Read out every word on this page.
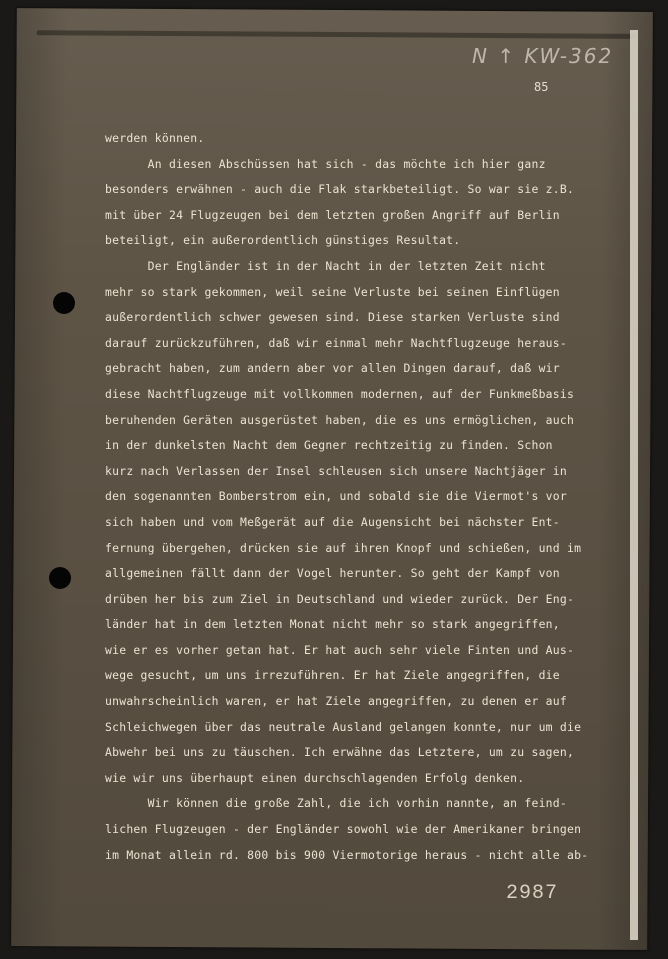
N ↑ KW-362
85
werden können.
An diesen Abschüssen hat sich - das möchte ich hier ganz
besonders erwähnen - auch die Flak starkbeteiligt. So war sie z.B.
mit über 24 Flugzeugen bei dem letzten großen Angriff auf Berlin
beteiligt, ein außerordentlich günstiges Resultat.
Der Engländer ist in der Nacht in der letzten Zeit nicht
mehr so stark gekommen, weil seine Verluste bei seinen Einflügen
außerordentlich schwer gewesen sind. Diese starken Verluste sind
darauf zurückzuführen, daß wir einmal mehr Nachtflugzeuge heraus-
gebracht haben, zum andern aber vor allen Dingen darauf, daß wir
diese Nachtflugzeuge mit vollkommen modernen, auf der Funkmeßbasis
beruhenden Geräten ausgerüstet haben, die es uns ermöglichen, auch
in der dunkelsten Nacht dem Gegner rechtzeitig zu finden. Schon
kurz nach Verlassen der Insel schleusen sich unsere Nachtjäger in
den sogenannten Bomberstrom ein, und sobald sie die Viermot's vor
sich haben und vom Meßgerät auf die Augensicht bei nächster Ent-
fernung übergehen, drücken sie auf ihren Knopf und schießen, und im
allgemeinen fällt dann der Vogel herunter. So geht der Kampf von
drüben her bis zum Ziel in Deutschland und wieder zurück. Der Eng-
länder hat in dem letzten Monat nicht mehr so stark angegriffen,
wie er es vorher getan hat. Er hat auch sehr viele Finten und Aus-
wege gesucht, um uns irrezuführen. Er hat Ziele angegriffen, die
unwahrscheinlich waren, er hat Ziele angegriffen, zu denen er auf
Schleichwegen über das neutrale Ausland gelangen konnte, nur um die
Abwehr bei uns zu täuschen. Ich erwähne das Letztere, um zu sagen,
wie wir uns überhaupt einen durchschlagenden Erfolg denken.
Wir können die große Zahl, die ich vorhin nannte, an feind-
lichen Flugzeugen - der Engländer sowohl wie der Amerikaner bringen
im Monat allein rd. 800 bis 900 Viermotorige heraus - nicht alle ab-
2987
